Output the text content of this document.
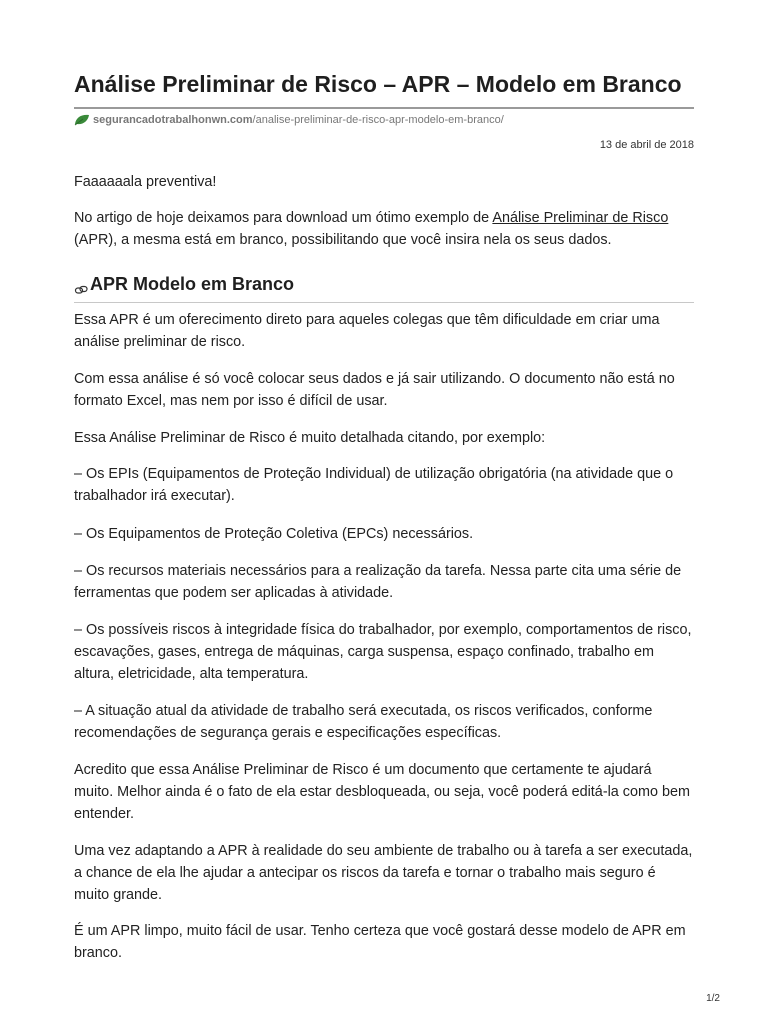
Análise Preliminar de Risco – APR – Modelo em Branco
segurancadotrabalhonwn.com /analise-preliminar-de-risco-apr-modelo-em-branco/
13 de abril de 2018

Faaaaaala preventiva!

No artigo de hoje deixamos para download um ótimo exemplo de Análise Preliminar de Risco (APR), a mesma está em branco, possibilitando que você insira nela os seus dados.

APR Modelo em Branco

Essa APR é um oferecimento direto para aqueles colegas que têm dificuldade em criar uma análise preliminar de risco.

Com essa análise é só você colocar seus dados e já sair utilizando. O documento não está no formato Excel, mas nem por isso é difícil de usar.

Essa Análise Preliminar de Risco é muito detalhada citando, por exemplo:

– Os EPIs (Equipamentos de Proteção Individual) de utilização obrigatória (na atividade que o trabalhador irá executar).

– Os Equipamentos de Proteção Coletiva (EPCs) necessários.

– Os recursos materiais necessários para a realização da tarefa. Nessa parte cita uma série de ferramentas que podem ser aplicadas à atividade.

– Os possíveis riscos à integridade física do trabalhador, por exemplo, comportamentos de risco, escavações, gases, entrega de máquinas, carga suspensa, espaço confinado, trabalho em altura, eletricidade, alta temperatura.

– A situação atual da atividade de trabalho será executada, os riscos verificados, conforme recomendações de segurança gerais e especificações específicas.

Acredito que essa Análise Preliminar de Risco é um documento que certamente te ajudará muito. Melhor ainda é o fato de ela estar desbloqueada, ou seja, você poderá editá-la como bem entender.

Uma vez adaptando a APR à realidade do seu ambiente de trabalho ou à tarefa a ser executada, a chance de ela lhe ajudar a antecipar os riscos da tarefa e tornar o trabalho mais seguro é muito grande.

É um APR limpo, muito fácil de usar. Tenho certeza que você gostará desse modelo de APR em branco.

1/2
